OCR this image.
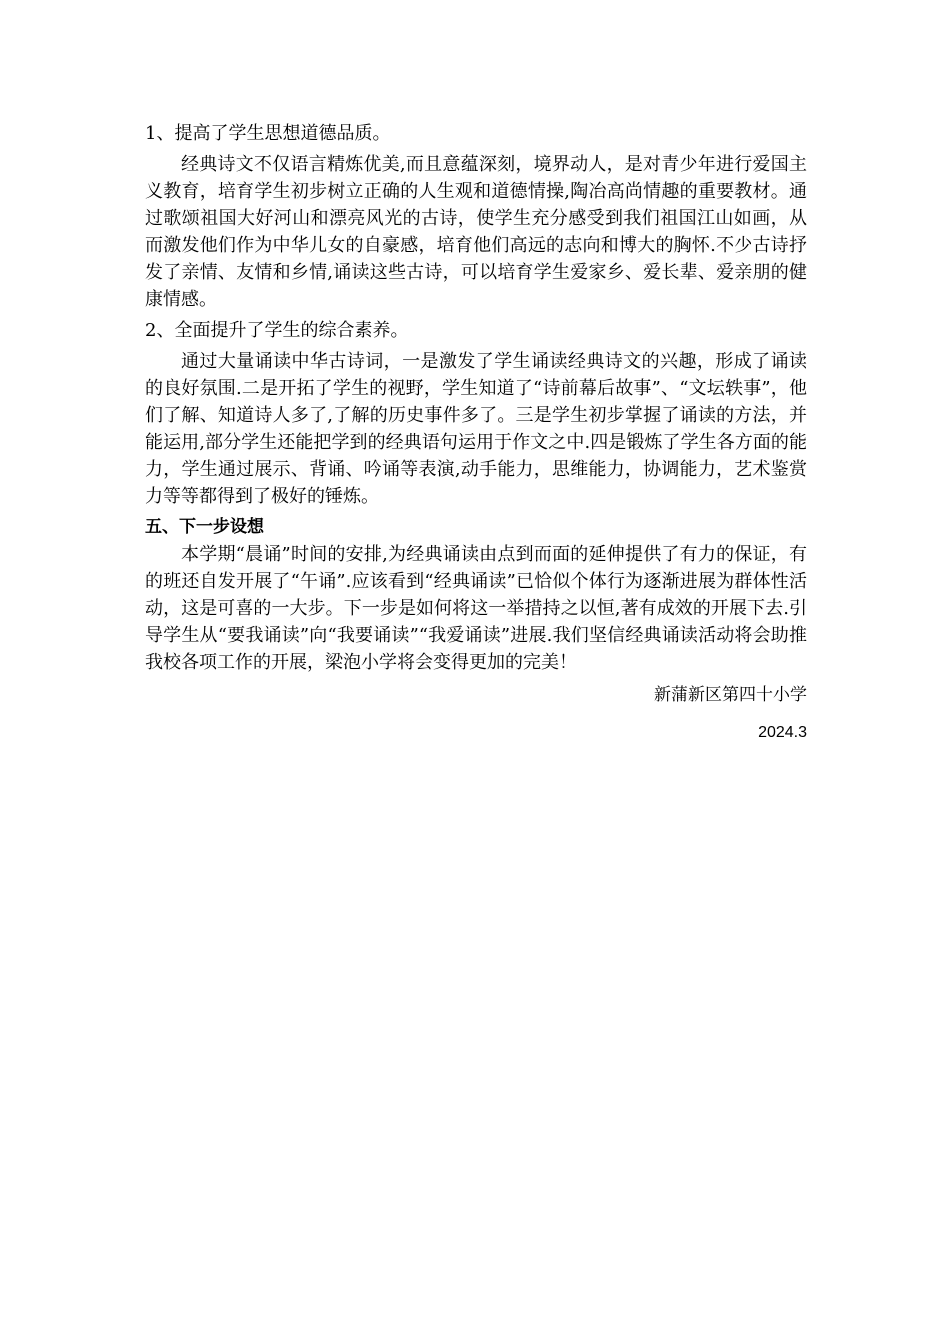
1、提高了学生思想道德品质。

经典诗文不仅语言精炼优美,而且意蕴深刻，境界动人，是对青少年进行爱国主义教育，培育学生初步树立正确的人生观和道德情操,陶冶高尚情趣的重要教材。通过歌颂祖国大好河山和漂亮风光的古诗，使学生充分感受到我们祖国江山如画，从而激发他们作为中华儿女的自豪感，培育他们高远的志向和博大的胸怀.不少古诗抒发了亲情、友情和乡情,诵读这些古诗，可以培育学生爱家乡、爱长辈、爱亲朋的健康情感。

2、全面提升了学生的综合素养。

通过大量诵读中华古诗词，一是激发了学生诵读经典诗文的兴趣，形成了诵读的良好氛围.二是开拓了学生的视野，学生知道了“诗前幕后故事”、“文坛轶事”，他们了解、知道诗人多了,了解的历史事件多了。三是学生初步掌握了诵读的方法，并能运用,部分学生还能把学到的经典语句运用于作文之中.四是锻炼了学生各方面的能力，学生通过展示、背诵、吟诵等表演,动手能力，思维能力，协调能力，艺术鉴赏力等等都得到了极好的锤炼。

五、下一步设想

本学期“晨诵”时间的安排,为经典诵读由点到而面的延伸提供了有力的保证，有的班还自发开展了“午诵”.应该看到“经典诵读”已恰似个体行为逐渐进展为群体性活动，这是可喜的一大步。下一步是如何将这一举措持之以恒,著有成效的开展下去.引导学生从“要我诵读”向“我要诵读”“我爱诵读”进展.我们坚信经典诵读活动将会助推我校各项工作的开展，梁泡小学将会变得更加的完美！

新蒲新区第四十小学

2024.3
